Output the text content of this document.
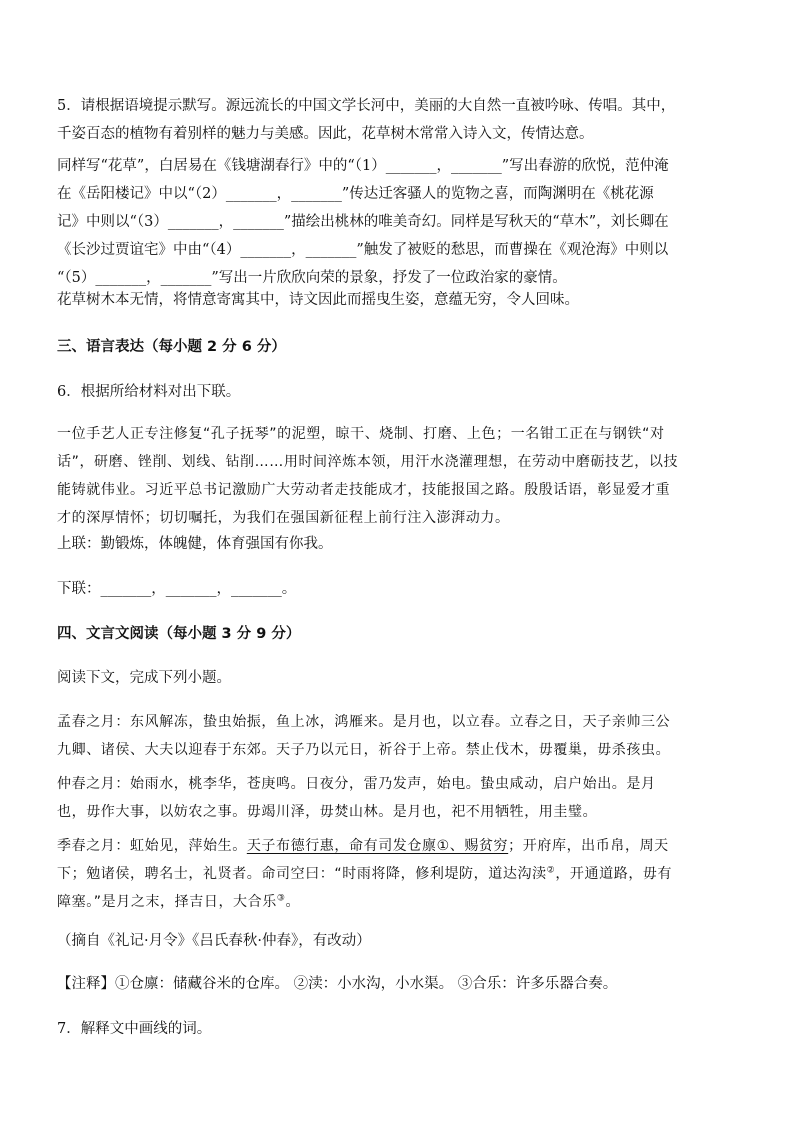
5．请根据语境提示默写。源远流长的中国文学长河中，美丽的大自然一直被吟咏、传唱。其中，
千姿百态的植物有着别样的魅力与美感。因此，花草树木常常入诗入文，传情达意。
同样写“花草”，白居易在《钱塘湖春行》中的“（1）_______，_______”写出春游的欣悦，范仲淹
在《岳阳楼记》中以“（2）_______，_______”传达迁客骚人的览物之喜，而陶渊明在《桃花源
记》中则以“（3）_______，_______”描绘出桃林的唯美奇幻。同样是写秋天的“草木”，刘长卿在
《长沙过贾谊宅》中由“（4）_______，_______”触发了被贬的愁思，而曹操在《观沧海》中则以
“（5）_______，_______”写出一片欣欣向荣的景象，抒发了一位政治家的豪情。
花草树木本无情，将情意寄寓其中，诗文因此而摇曳生姿，意蕴无穷，令人回味。
三、语言表达（每小题 2 分 6 分）
6．根据所给材料对出下联。
一位手艺人正专注修复“孔子抚琴”的泥塑，晾干、烧制、打磨、上色；一名钳工正在与钢铁“对
话”，研磨、锉削、划线、钻削……用时间淬炼本领，用汗水浇灌理想，在劳动中磨砺技艺，以技
能铸就伟业。习近平总书记激励广大劳动者走技能成才，技能报国之路。殷殷话语，彰显爱才重
才的深厚情怀；切切嘱托，为我们在强国新征程上前行注入澎湃动力。
上联：勤锻炼，体魄健，体育强国有你我。
下联：_______，_______，_______。
四、文言文阅读（每小题 3 分 9 分）
阅读下文，完成下列小题。
孟春之月：东风解冻，蛰虫始振，鱼上冰，鸿雁来。是月也，以立春。立春之日，天子亲帅三公
九卿、诸侯、大夫以迎春于东郊。天子乃以元日，祈谷于上帝。禁止伐木，毋覆巢，毋杀孩虫。
仲春之月：始雨水，桃李华，苍庚鸣。日夜分，雷乃发声，始电。蛰虫咸动，启户始出。是月
也，毋作大事，以妨农之事。毋竭川泽，毋焚山林。是月也，祀不用牺牲，用圭璧。
季春之月：虹始见，萍始生。天子布德行惠，命有司发仓廪①、赐贫穷；开府库，出币帛，周天
下；勉诸侯，聘名士，礼贤者。命司空曰：“时雨将降，修利堤防，道达沟渎②，开通道路，毋有
障塞。”是月之末，择吉日，大合乐③。
（摘自《礼记·月令》《吕氏春秋·仲春》，有改动）
【注释】①仓廪：储藏谷米的仓库。 ②渎：小水沟，小水渠。 ③合乐：许多乐器合奏。
7．解释文中画线的词。
